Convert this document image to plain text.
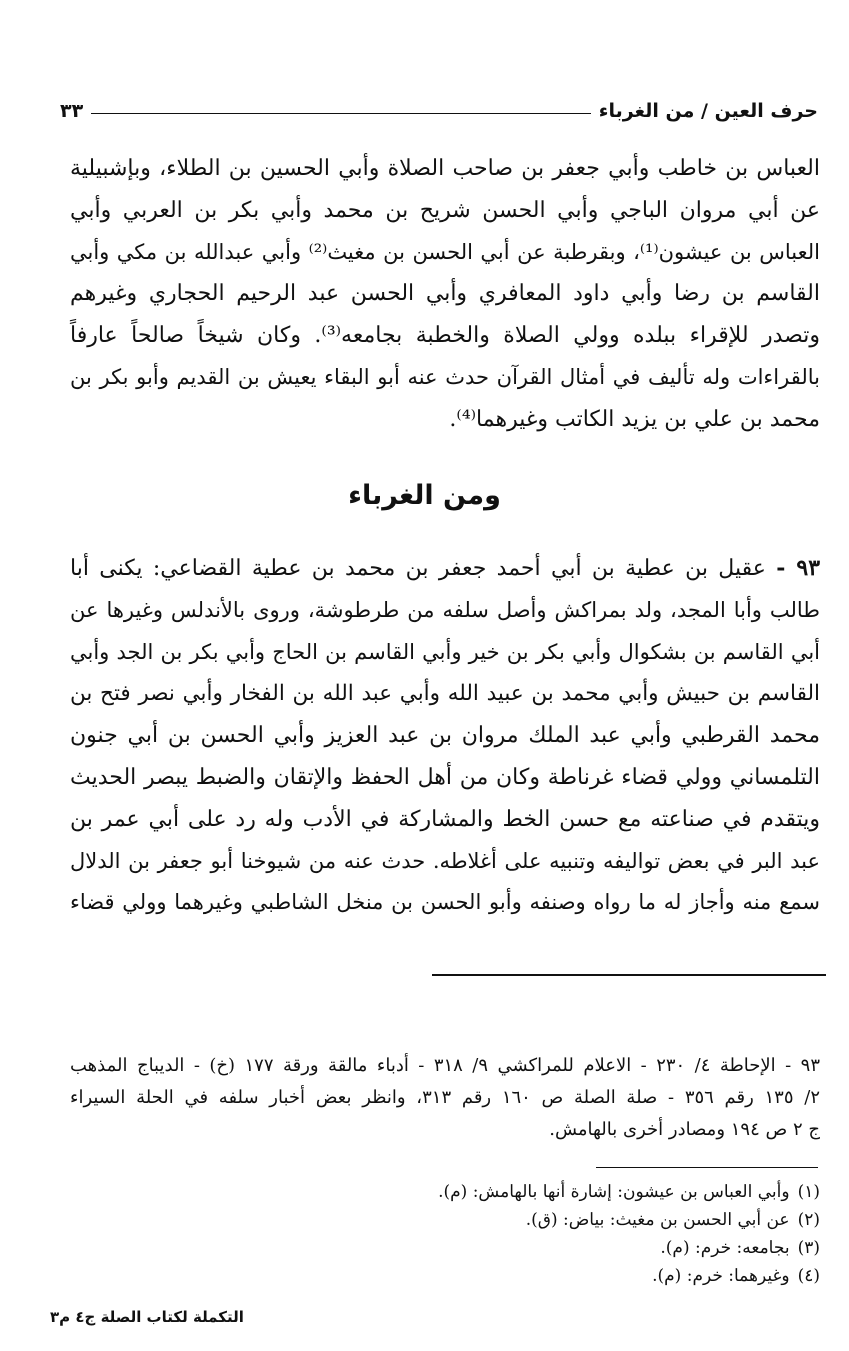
حرف العين / من الغرباء
٣٣
العباس بن خاطب وأبي جعفر بن صاحب الصلاة وأبي الحسين بن الطلاء، وبإشبيلية
عن أبي مروان الباجي وأبي الحسن شريح بن محمد وأبي بكر بن العربي وأبي
العباس بن عيشون⁽¹⁾، وبقرطبة عن أبي الحسن بن مغيث⁽²⁾ وأبي عبدالله بن مكي وأبي
القاسم بن رضا وأبي داود المعافري وأبي الحسن عبد الرحيم الحجاري وغيرهم
وتصدر للإقراء ببلده وولي الصلاة والخطبة بجامعه⁽³⁾. وكان شيخاً صالحاً عارفاً
بالقراءات وله تأليف في أمثال القرآن حدث عنه أبو البقاء يعيش بن القديم وأبو بكر بن
محمد بن علي بن يزيد الكاتب وغيرهما⁽⁴⁾.
ومن الغرباء
٩٣ - عقيل بن عطية بن أبي أحمد جعفر بن محمد بن عطية القضاعي: يكنى أبا
طالب وأبا المجد، ولد بمراكش وأصل سلفه من طرطوشة، وروى بالأندلس وغيرها عن
أبي القاسم بن بشكوال وأبي بكر بن خير وأبي القاسم بن الحاج وأبي بكر بن الجد وأبي
القاسم بن حبيش وأبي محمد بن عبيد الله وأبي عبد الله بن الفخار وأبي نصر فتح بن
محمد القرطبي وأبي عبد الملك مروان بن عبد العزيز وأبي الحسن بن أبي جنون
التلمساني وولي قضاء غرناطة وكان من أهل الحفظ والإتقان والضبط يبصر الحديث
ويتقدم في صناعته مع حسن الخط والمشاركة في الأدب وله رد على أبي عمر بن
عبد البر في بعض تواليفه وتنبيه على أغلاطه. حدث عنه من شيوخنا أبو جعفر بن الدلال
سمع منه وأجاز له ما رواه وصنفه وأبو الحسن بن منخل الشاطبي وغيرهما وولي قضاء
٩٣ - الإحاطة ٤/ ٢٣٠ - الاعلام للمراكشي ٩/ ٣١٨ - أدباء مالقة ورقة ١٧٧ (خ) - الديباج المذهب
٢/ ١٣٥ رقم ٣٥٦ - صلة الصلة ص ١٦٠ رقم ٣١٣، وانظر بعض أخبار سلفه في الحلة السيراء
ج ٢ ص ١٩٤ ومصادر أخرى بالهامش.
(١)وأبي العباس بن عيشون: إشارة أنها بالهامش: (م).
(٢)عن أبي الحسن بن مغيث: بياض: (ق).
(٣)بجامعه: خرم: (م).
(٤)وغيرهما: خرم: (م).
التكملة لكتاب الصلة ج٤ م٣
